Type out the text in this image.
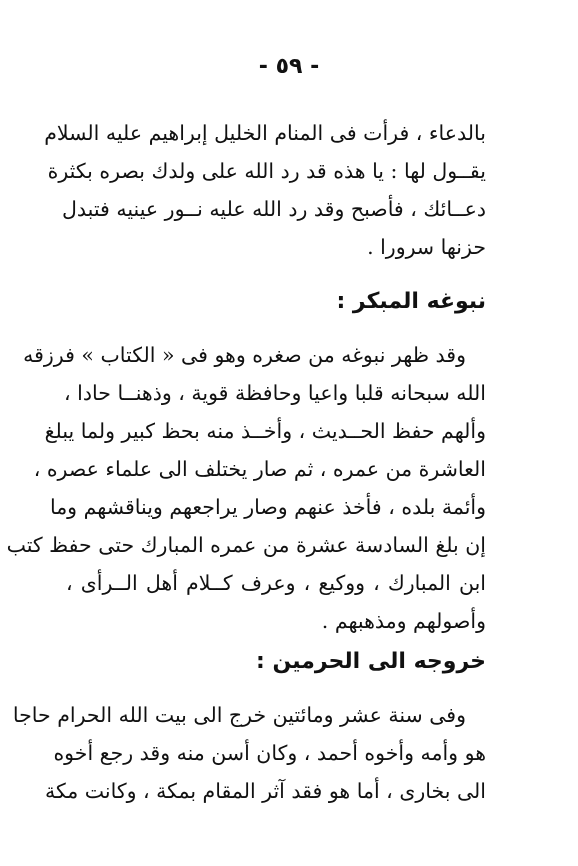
- ٥٩ -
بالدعاء ، فرأت فى المنام الخليل إبراهيم عليه السلام
يقــول لها : يا هذه قد رد الله على ولدك بصره بكثرة
دعــائك ، فأصبح وقد رد الله عليه نــور عينيه فتبدل
حزنها سرورا .
نبوغه المبكر :
وقد ظهر نبوغه من صغره وهو فى « الكتاب » فرزقه
الله سبحانه قلبا واعيا وحافظة قوية ، وذهنــا حادا ،
وألهم حفظ الحــديث ، وأخــذ منه بحظ كبير ولما يبلغ
العاشرة من عمره ، ثم صار يختلف الى علماء عصره ،
وأئمة بلده ، فأخذ عنهم وصار يراجعهم ويناقشهم وما
إن بلغ السادسة عشرة من عمره المبارك حتى حفظ كتب
ابن المبارك ، ووكيع ، وعرف كــلام أهل الــرأى ،
وأصولهم ومذهبهم .
خروجه الى الحرمين :
وفى سنة عشر ومائتين خرج الى بيت الله الحرام حاجا
هو وأمه وأخوه أحمد ، وكان أسن منه وقد رجع أخوه
الى بخارى ، أما هو فقد آثر المقام بمكة ، وكانت مكة
